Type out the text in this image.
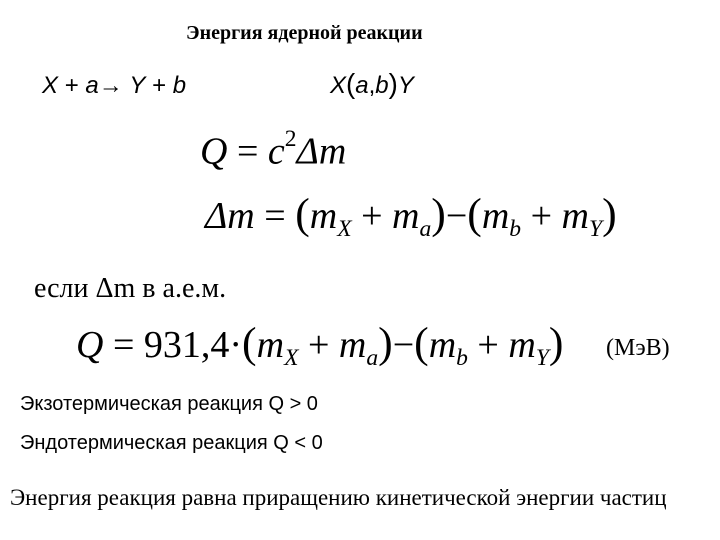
Энергия ядерной реакции
X + a→ Y + b	X(a,b)Y
$Q = c^2\Delta m$
$\Delta m = (m_X + m_a)-(m_b + m_Y)$
если Δm в а.е.м.
$Q = 931,4\cdot(m_X + m_a)-(m_b + m_Y)$ (МэВ)
Экзотермическая реакция Q > 0
Эндотермическая реакция Q < 0
Энергия реакция равна приращению кинетической энергии частиц
